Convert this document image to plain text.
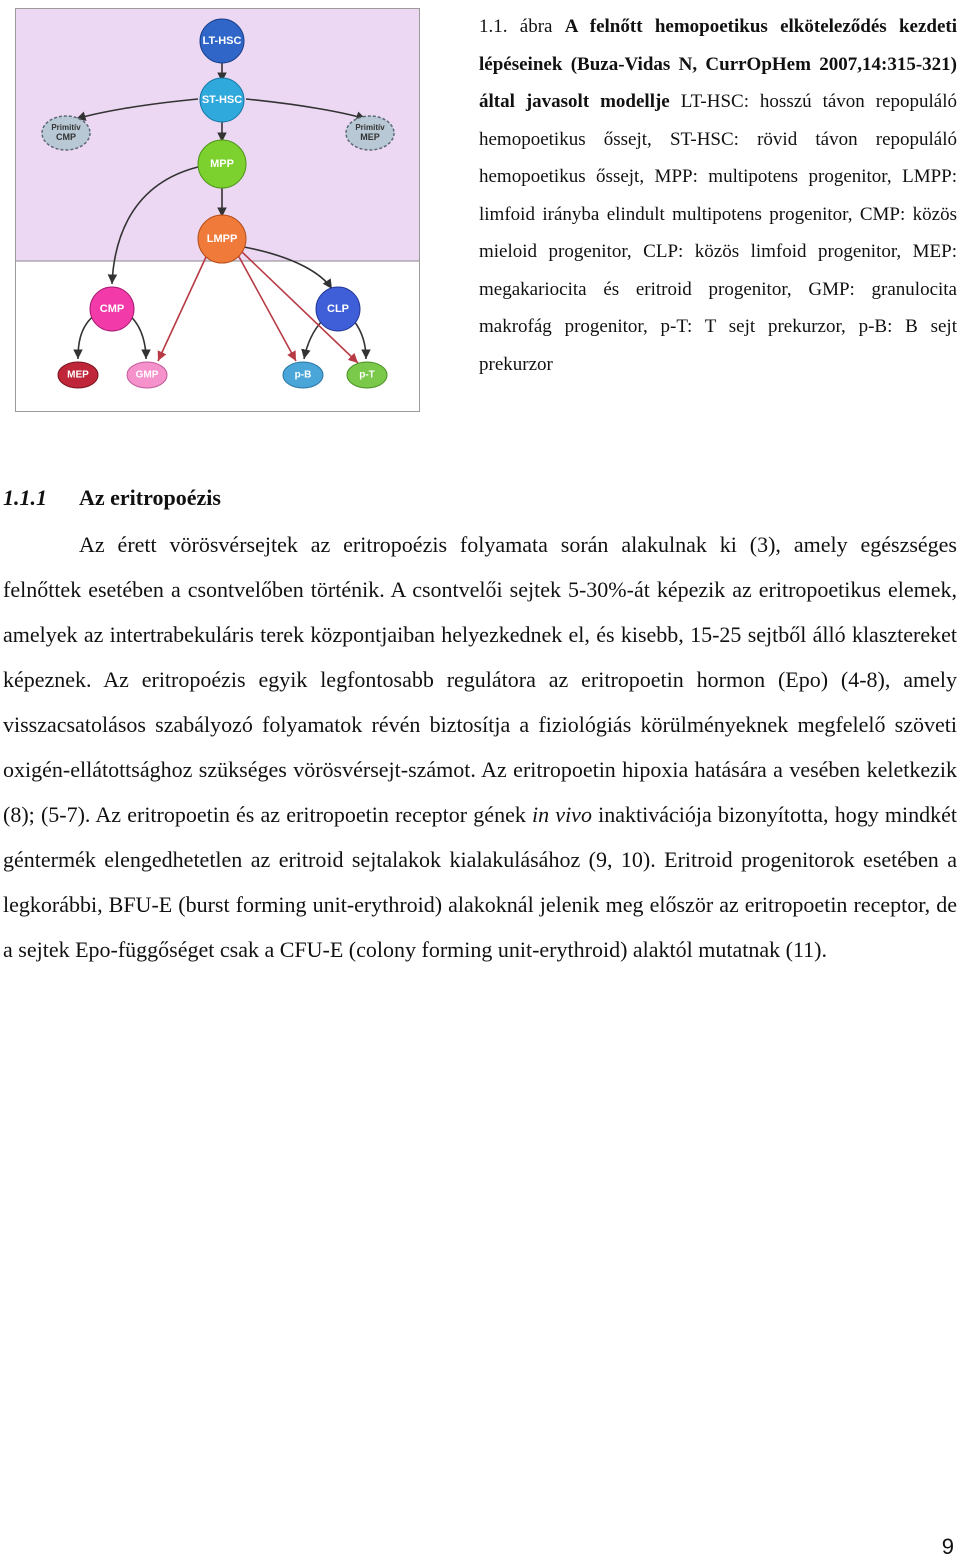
LT-HSC
ST-HSC
MPP
LMPP
Primitív
CMP
Primitív
MEP
CMP	CLP
MEP	GMP	p-B	p-T
1.1. ábra A felnőtt hemopoetikus elköteleződés kezdeti lépéseinek (Buza-Vidas N, CurrOpHem 2007,14:315-321) által javasolt modellje LT-HSC: hosszú távon repopuláló hemopoetikus őssejt, ST-HSC: rövid távon repopuláló hemopoetikus őssejt, MPP: multipotens progenitor, LMPP: limfoid irányba elindult multipotens progenitor, CMP: közös mieloid progenitor, CLP: közös limfoid progenitor, MEP: megakariocita és eritroid progenitor, GMP: granulocita makrofág progenitor, p-T: T sejt prekurzor, p-B: B sejt prekurzor
1.1.1 Az eritropoézis
Az érett vörösvérsejtek az eritropoézis folyamata során alakulnak ki (3), amely egészséges felnőttek esetében a csontvelőben történik. A csontvelői sejtek 5-30%-át képezik az eritropoetikus elemek, amelyek az intertrabekuláris terek központjaiban helyezkednek el, és kisebb, 15-25 sejtből álló klasztereket képeznek. Az eritropoézis egyik legfontosabb regulátora az eritropoetin hormon (Epo) (4-8), amely visszacsatolásos szabályozó folyamatok révén biztosítja a fiziológiás körülményeknek megfelelő szöveti oxigén-ellátottsághoz szükséges vörösvérsejt-számot. Az eritropoetin hipoxia hatására a vesében keletkezik (8); (5-7). Az eritropoetin és az eritropoetin receptor gének in vivo inaktivációja bizonyította, hogy mindkét géntermék elengedhetetlen az eritroid sejtalakok kialakulásához (9, 10). Eritroid progenitorok esetében a legkorábbi, BFU-E (burst forming unit-erythroid) alakoknál jelenik meg először az eritropoetin receptor, de a sejtek Epo-függőséget csak a CFU-E (colony forming unit-erythroid) alaktól mutatnak (11).
9
